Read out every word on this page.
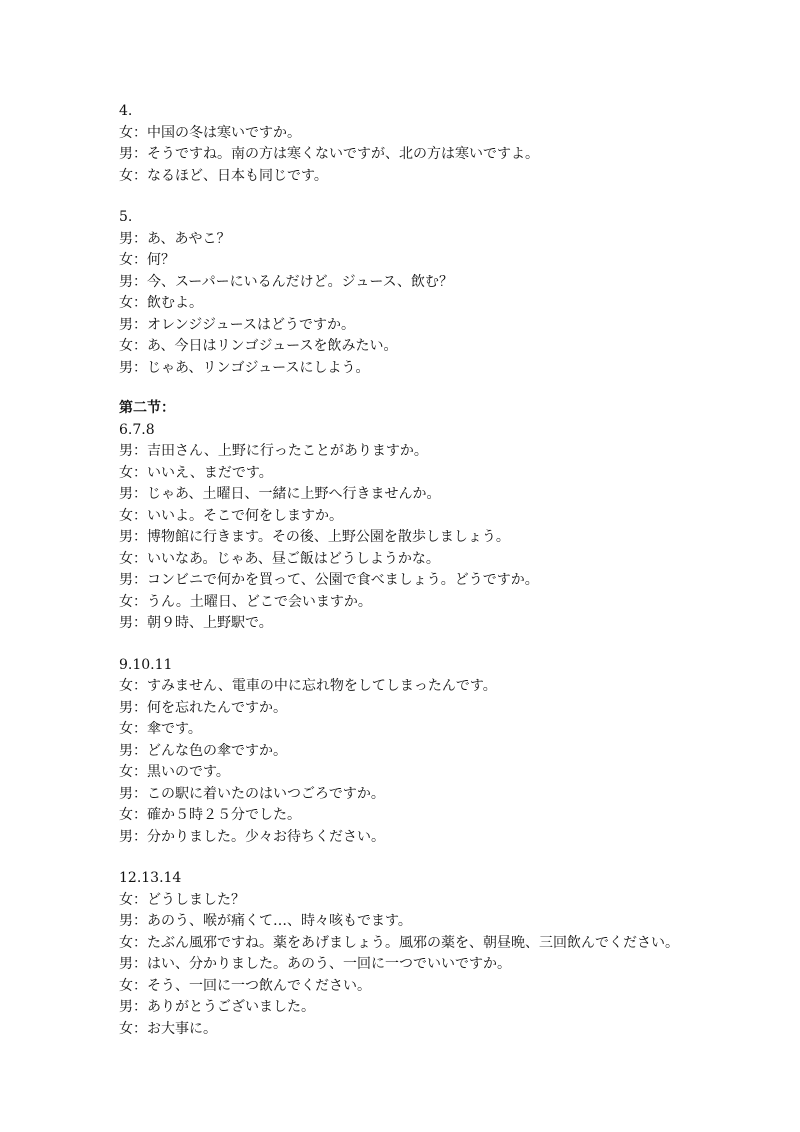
4.
女：中国の冬は寒いですか。
男：そうですね。南の方は寒くないですが、北の方は寒いですよ。
女：なるほど、日本も同じです。
5.
男：あ、あやこ？
女：何？
男：今、スーパーにいるんだけど。ジュース、飲む？
女：飲むよ。
男：オレンジジュースはどうですか。
女：あ、今日はリンゴジュースを飲みたい。
男：じゃあ、リンゴジュースにしよう。
第二节：
6.7.8
男：吉田さん、上野に行ったことがありますか。
女：いいえ、まだです。
男：じゃあ、土曜日、一緒に上野へ行きませんか。
女：いいよ。そこで何をしますか。
男：博物館に行きます。その後、上野公園を散歩しましょう。
女：いいなあ。じゃあ、昼ご飯はどうしようかな。
男：コンビニで何かを買って、公園で食べましょう。どうですか。
女：うん。土曜日、どこで会いますか。
男：朝９時、上野駅で。
9.10.11
女：すみません、電車の中に忘れ物をしてしまったんです。
男：何を忘れたんですか。
女：傘です。
男：どんな色の傘ですか。
女：黒いのです。
男：この駅に着いたのはいつごろですか。
女：確か５時２５分でした。
男：分かりました。少々お待ちください。
12.13.14
女：どうしました？
男：あのう、喉が痛くて…、時々咳もでます。
女：たぶん風邪ですね。薬をあげましょう。風邪の薬を、朝昼晩、三回飲んでください。
男：はい、分かりました。あのう、一回に一つでいいですか。
女：そう、一回に一つ飲んでください。
男：ありがとうございました。
女：お大事に。
